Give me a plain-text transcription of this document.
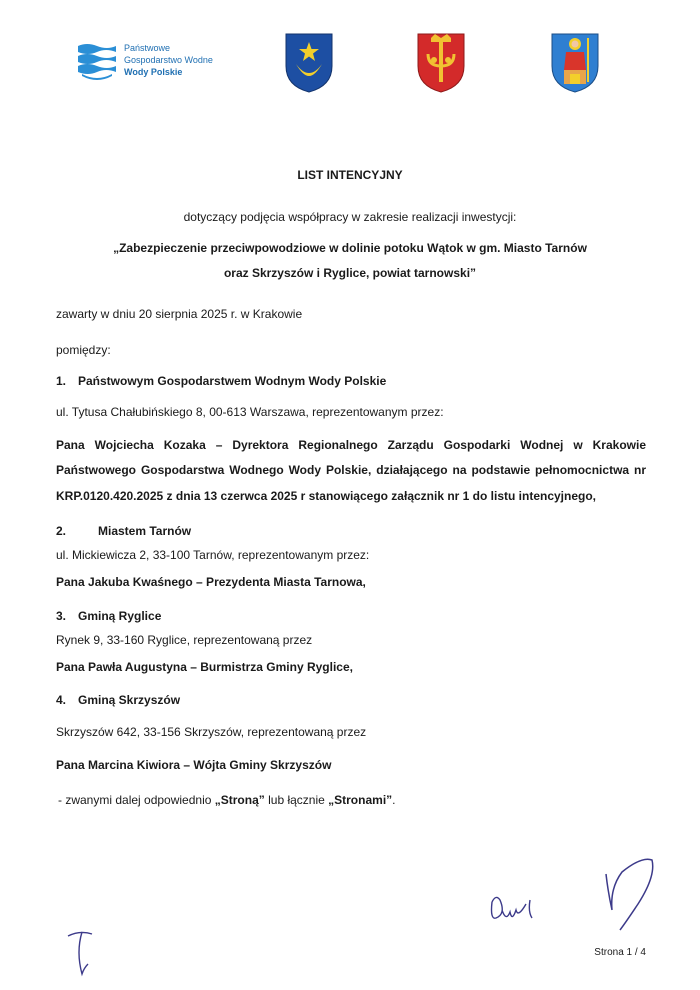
Państwowe
Gospodarstwo Wodne
Wody Polskie
LIST INTENCYJNY
dotyczący podjęcia współpracy w zakresie realizacji inwestycji:
„Zabezpieczenie przeciwpowodziowe w dolinie potoku Wątok w gm. Miasto Tarnów
oraz Skrzyszów i Ryglice, powiat tarnowski”
zawarty w dniu 20 sierpnia 2025 r. w Krakowie
pomiędzy:
1. Państwowym Gospodarstwem Wodnym Wody Polskie
ul. Tytusa Chałubińskiego 8, 00-613 Warszawa, reprezentowanym przez:
Pana Wojciecha Kozaka – Dyrektora Regionalnego Zarządu Gospodarki Wodnej w Krakowie
Państwowego Gospodarstwa Wodnego Wody Polskie, działającego na podstawie pełnomocnictwa nr
KRP.0120.420.2025 z dnia 13 czerwca 2025 r stanowiącego załącznik nr 1 do listu intencyjnego,
2.	Miastem Tarnów
ul. Mickiewicza 2, 33-100 Tarnów, reprezentowanym przez:
Pana Jakuba Kwaśnego – Prezydenta Miasta Tarnowa,
3. Gminą Ryglice
Rynek 9, 33-160 Ryglice, reprezentowaną przez
Pana Pawła Augustyna – Burmistrza Gminy Ryglice,
4. Gminą Skrzyszów
Skrzyszów 642, 33-156 Skrzyszów, reprezentowaną przez
Pana Marcina Kiwiora – Wójta Gminy Skrzyszów
- zwanymi dalej odpowiednio „Stroną” lub łącznie „Stronami”.
Strona 1 / 4
